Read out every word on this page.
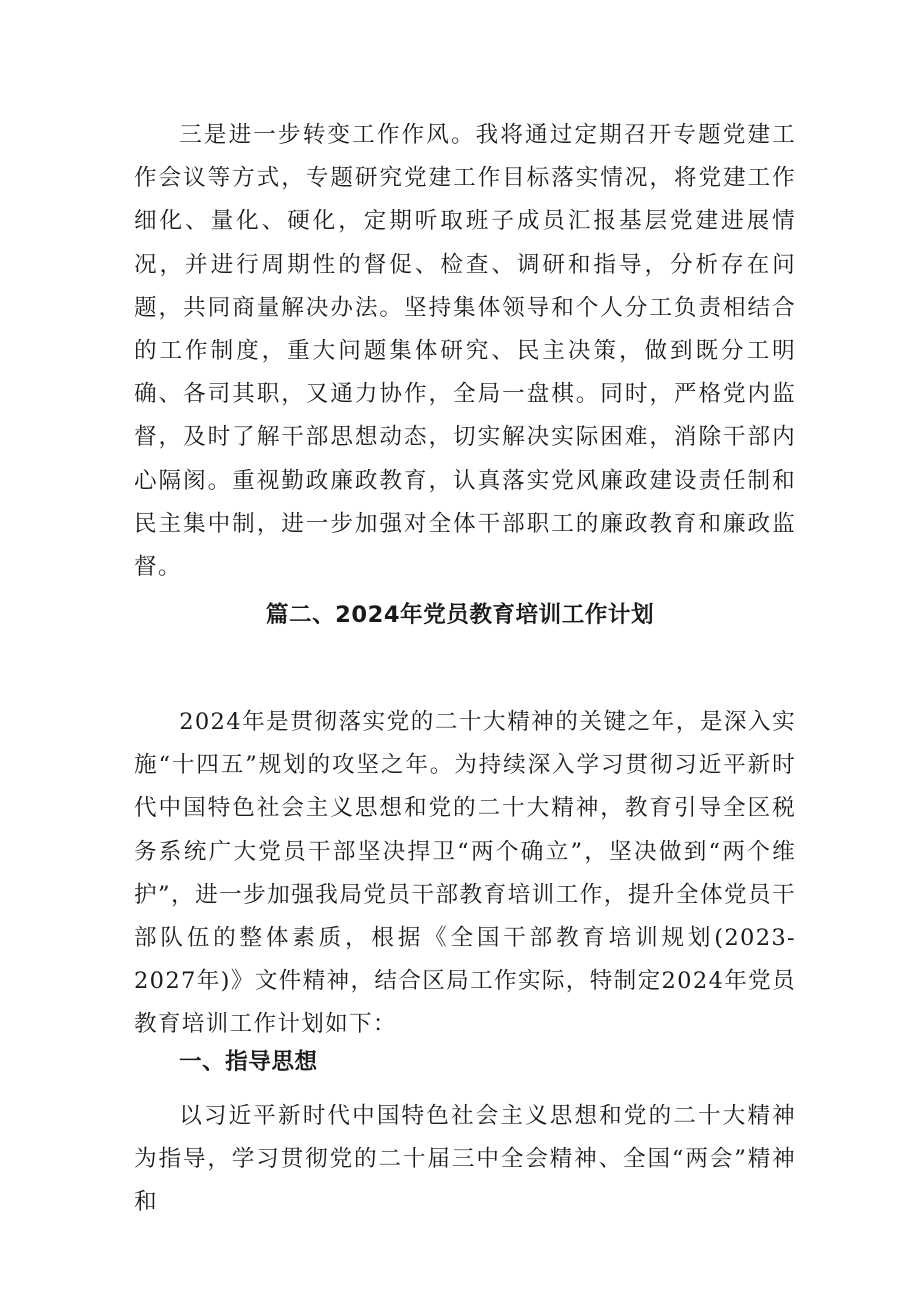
三是进一步转变工作作风。我将通过定期召开专题党建工作会议等方式，专题研究党建工作目标落实情况，将党建工作细化、量化、硬化，定期听取班子成员汇报基层党建进展情况，并进行周期性的督促、检查、调研和指导，分析存在问题，共同商量解决办法。坚持集体领导和个人分工负责相结合的工作制度，重大问题集体研究、民主决策，做到既分工明确、各司其职，又通力协作，全局一盘棋。同时，严格党内监督，及时了解干部思想动态，切实解决实际困难，消除干部内心隔阂。重视勤政廉政教育，认真落实党风廉政建设责任制和民主集中制，进一步加强对全体干部职工的廉政教育和廉政监督。

篇二、2024年党员教育培训工作计划

2024年是贯彻落实党的二十大精神的关键之年，是深入实施“十四五”规划的攻坚之年。为持续深入学习贯彻习近平新时代中国特色社会主义思想和党的二十大精神，教育引导全区税务系统广大党员干部坚决捍卫“两个确立”，坚决做到“两个维护”，进一步加强我局党员干部教育培训工作，提升全体党员干部队伍的整体素质，根据《全国干部教育培训规划(2023-2027年)》文件精神，结合区局工作实际，特制定2024年党员教育培训工作计划如下：

一、指导思想

以习近平新时代中国特色社会主义思想和党的二十大精神为指导，学习贯彻党的二十届三中全会精神、全国“两会”精神和
